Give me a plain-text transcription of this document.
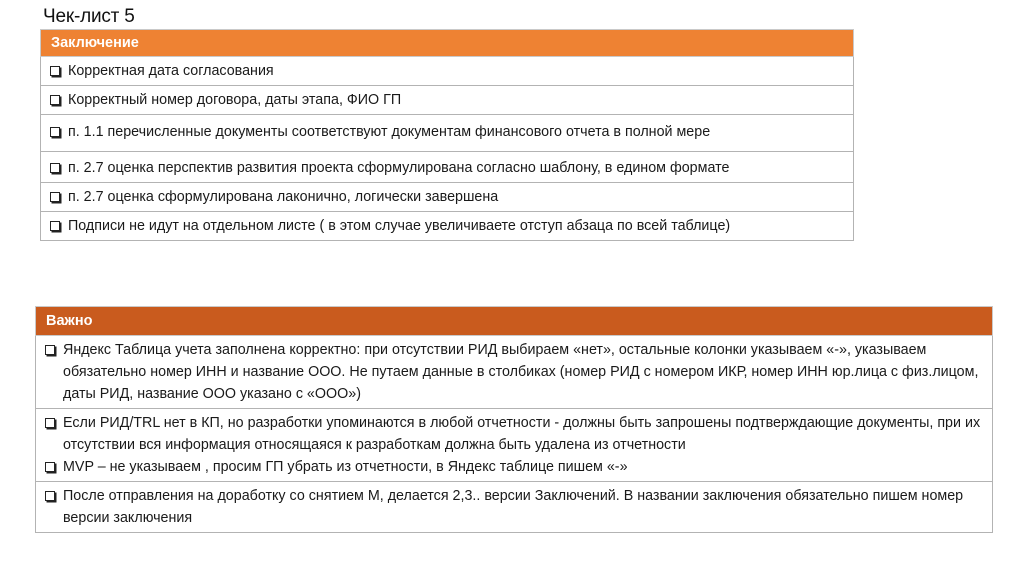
Чек-лист 5
Заключение

Корректная дата согласования

Корректный номер договора, даты этапа, ФИО ГП

п. 1.1 перечисленные документы соответствуют документам финансового отчета в полной мере

п. 2.7 оценка перспектив развития проекта сформулирована согласно шаблону, в едином формате

п. 2.7 оценка сформулирована лаконично, логически завершена

Подписи не идут на отдельном листе ( в этом случае увеличиваете отступ абзаца по всей таблице)
Важно

Яндекс Таблица учета заполнена корректно: при отсутствии РИД выбираем «нет», остальные колонки указываем «-», указываем обязательно номер ИНН и название ООО. Не путаем данные в столбиках (номер РИД с номером ИКР, номер ИНН юр.лица с физ.лицом, даты РИД, название ООО указано с «ООО»)

Если РИД/TRL нет в КП, но разработки упоминаются в любой отчетности - должны быть запрошены подтверждающие документы, при их отсутствии вся информация относящаяся к разработкам должна быть удалена из отчетности
MVP – не указываем , просим ГП убрать из отчетности, в Яндекс таблице пишем «-»

После отправления на доработку со снятием М, делается 2,3.. версии Заключений. В названии заключения обязательно пишем номер версии заключения
